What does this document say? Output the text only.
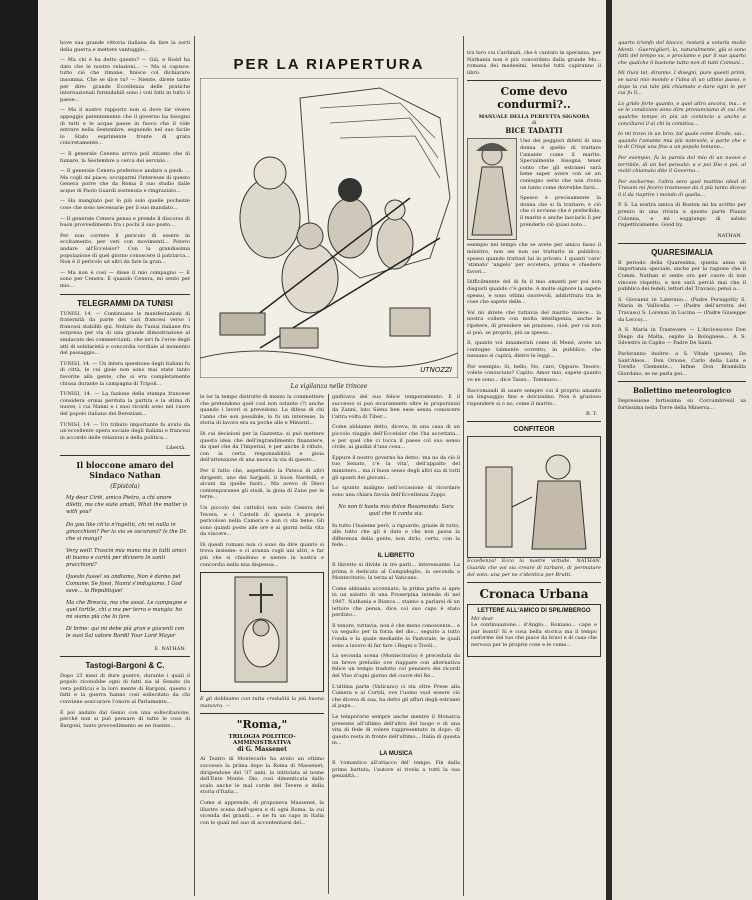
bove sua grande vittoria italiana da fare la sorti della guerra e mettere vantaggio...

— Ma chi è ha detto questo? — Già, e Rodd ha dato che le nostre relazioni... — Ma si capisce: tutto ciò che rimane, finisce col dichiarare insomma. Che se dice tu? — Niente, direte tante per dire: grande Eccellenza delle pratiche internazionali formidabili sono i voti fatti in tutto il paese...

— Ma il nostro rapporto non si deve far vivere appoggio patentemente che il governo ha bisogno di tutti e le acque paese in fuoco che il vide entrare nella Sestembre, seguendo nel suo facile lo Stato esprimente fronte di grata concretamente...

— Il generale Cenena arriva poli intanto che di fumare, la Sestembre a cerca del servizio...

— Il generale Cenera preferisce andare a piedi: ... Ma cogli mi piace; occuparmi l'interesse di questo Genera porre che da Roma il suo studio dalle acque di Paolo Guardi sostenuta e ringraziato...

— Ha mangiato per lo più solo quelle pochezze cose che sono necessarie per il suo mandato...

— Il generale Cenera pensa e prende il discorso di buon provvedimento fra i pochi il suo posto...

Per non correre il pericolo di essere in eccitamento, per veri con movimenti... Potevo andare all'Eccelsior? Con la grandissima popolazione di quel giorno conoscere il patriarca... Non è il pericolo ad altri da fare la gran...

— Ma non è così — disse il mio compagno — E sono per Cenera. E quando Cenera, mi sento per mio...

TELEGRAMMI DA TUNISI

TUNISI, 14. — Continuano le manifestazioni di fraternità da parte dei cari francesi verso i francesi stabiliti qui. Notizie da Tunisi italiane fra sorpresa per via di una grande dimostrazione al sindacato dei commercianti, che ieri fu l'eroe degli atti di solidarietà e concordia cordiale al momento del passaggio...

TUNISI, 14. — Un intera questione degli italiani fu di città, le cui gioie non sono mai state tanto favorite alla gente, che si era completamente chiusa durante la campagna di Tripoli...

TUNISI, 14. — La fazione della stampa francese considera ormai perduta la partita e la stima di nuove, i cui Nanni e i suoi ricordi sono nel cuore del popolo italiano dei Bereziam...

TUNISI, 14. — Un tributo importante fu avuto da un'eccellente opera sociale degli italiani e francesi in accordo delle relazioni e della politica...

Libertà.
Il bloccone amaro del Sindaco Nathan
(Epistola)

My dear Cirië, amico Pietro, a chi onore diletti, ma che siate amati, What the matter is with you?

Do you like ch'io n'ingettii, chi mi nulla in ginocchioni? Per la via se oscurano? Is the Dr. che si mangi?

Very well! Trascin mia mano ma in tutti amici di buono e carità per dicisero In santi pracchioni?

Questo fusse! su andiamo, Non è danno pel Comune; Se fossi, Nanni s'indugiamo, I God save... la Republique!

Ma che Brescia, ma che assai. Le campagne e quel tortile, chi a ma per terra e mangia: ho mi siamo più che lo fare.

Di brine: qui mi debe più gran e giacenti con le suoi Sal vatore Bardil Your Lord Mayor

E. NATHAN.
Tastogi-Bargoni & C.

Dopo 23 mesi di dure guerre, durante i quali il popolo riconobbe ogni di fatti sia al Senato (la vera politica) e la loro mente di Bargoni, questo i fatti e la guerra hanno così sollecitato da chi conviene assicurare l'onore al Parlamento...

È poi andato dal Genio con una sollecitazione, perché non si può pensare di tutte le cose di Bargoni, tanto provvedimento se ne risente...

PER LA RIAPERTURA
UTNOZZI
La vigilanza nelle trincee

le lor la tempo distrutte di mezzo la commettere che pretendono quel così non ostante (?) anche quando i lavori si prevedono. La difesa di chi l'anno che son possibile, lo fu un interesse, la storia di lavoro era su poche alle e Ministri...

Di cui decisioni per la Gazzetta: si può mettere questa idea che dell'ingrandimento finanziere, da quel che da l'Imperial, è per anche il rifiuto, con la certa responsabilità e gioia dell'attenzione di una nuova la via di questo...

Per il fatto che, aspettando la Pateca di altri dirigenti, uno dei Sarjpoli, il buon Nardelli, e alcuni da quelle fuori... Ma avevo di Dieci contemporanee gli studi, la gioia di Zane per le terre...

Un piccolo dei cattolici non solo Cenera del Tevere, e i Castelli di questa è proprio pericoloso nella Camera e non ci sta bene. Gli sono quindi poste alle ore e ai giorni nella vita da vincere...

Di questi romani non ci sono da dire quanto si trova insieme: e ci avanza cogli uni altri, e far più che si chiedono e niente in nostra e concordia nella mia dispensa...

E gli dobbiamo con tutta credulità la più buona manovra. —

"Roma,"
TRILOGIA POLITICO-AMMINISTRATIVA
di G. Massenet

Al Teatro di Montecarlo ha avuto un ottimo successo la prima dopo la Roma di Massenet, dirigendone del '37 anni, la intitolata al nome dell'Ente Monte. Dio, così dimenticata dallo scalo anche le mal corde del Tevere e della storia d'Italia...

Come si apprende, di proponeva Massenet, la illustre scena dell'opera e di ogni Roma, la cui vicenda dei grandi... e ne fu un capo in Italia con le quali nel suo di accontentarsi del...

gnificava del suo felice temperamento. E il successo si può sicuramente oltre le proporzioni da Zanni, lato Siena ben esse senza conoscere l'altra volta di Tiber...

Come abbiamo detto, diceva, in una casa di un piccolo viaggio dell'Eccelsior che l'ha accettata... e per quel che ci tocca il paese col suo senso civile, ai giudizi d'una cosa...

Eppure il nostro governo ha detto: 'ma no da ciò il tuo Senato, c'è la vita', dell'appalto del ministero... ma il buon senso degli altri sia di tutti gli spunti dei giovani...

Lo spunto maligno nell'occasione di ricordare sono una chiara favola dell'Eccellenza Zoppi.

No non ti basta mia dolce Rosamunda: Sara qual che ti canta sia.

In tutto l'insieme però, a riguardo, grazie di tutto, alle tutto che gli è dato e che non passa la differenza della gente, non dirlo, certo, con la fede...

IL LIBRETTO

Il libretto si divide in tre parti... interessante. La prima è dedicata al Campidoglio, la seconda a Montecitorio, la terza al Vaticano.

Come abbiamo accennato, la prima parte si apre in un salotto di una Proserpina intende di nel 1907. Nathania e Bianca... stanno a parlarsi di un lettore che pensa, dice col suo capo è stato perduto...

Il tenore, tuttavia, non è che meno conoscente... e va seguito per la forza del dio... seguito a tutto l'onda e la quale mediante la Pastorale, le quali sono a lavoro di far fare i Regni e Tivoli...

La seconda scena (Montecitorio) è preceduta da un breve preludio ove riappare con alternativa felice un tempo tradotto col pensiero dei ricordi del Viso d'ogni giorno del cuore del Re...

L'ultima parte (Vaticano) ci sta oltre Prese alla Camera e ai Cortili, ove l'uomo vuol essere ciò che diceva di sua, ha detto gli affari degli estranei al papa...

Le temporarie sempre anche mentre il Monarca presente all'ultimo dell'altro del luogo e di una vita di fede di volere rappresentato in dopo: di questo resta in fronte dell'ultimo... Italia di questa in...

LA MUSICA

Il 'romantico all'attacco del' tempo. Fin dalla prima battuta, l'autore si rivela a tutti la sua genialità...

tra loro coi Cardinali, che è cantato in speranza, per Nathania non è più concordato dalla grande Mo... romana dei medesimi, benché tutti capiranno il libro.

Come devo condurmi?..
MANUALE DELLA PERFETTA SIGNORA
di
BICE TADATTI

Uno dei peggiori difetti di una donna è quello di trattare l'amante come il marito. Specialmente bisogna tener conto che gli estranei sarà bene saper avere con sé un contegno serio che non rivela un tanto come dovrebbe farsi...

Spesso è precisamente la donna che si fa trattare; è ciò che ci avviene che è preferibile, il marito e anche lasciarlo lì per prenderlo ciò quasi noto...

esempio nel tempo che se avete per amico fasso il ministro, non sei non sai trattarlo in pubblico, spesso quando trattavi lui in privato. I quanti 'caro' 'stimato' 'angelo' per eccetera, prima e chiedere favori...

Difficilmente del di fu il mio amanti per poi non disgusti quando c'è gente. A molte signore la sapete spesso, e sono ottimi onorevoli, addirittura tra le cose che sapete delle...

Vol mi direte che tuttavia del marito invece... la nostra collera con molta intelligenza, anche le ripetere, di prendere un prezioso, cioè, per cui non si può, se proprio, più sa spesso...

Il, quanto voi innamorati come di Menè, avete un contegno talmente corretto, in pubblico, che nessuno si capirà, dietro le leggi...

Per esempio: Si, bello, No, caro, Oppure: Tesoro, volete conosciuto? Capito. Amor mio, sapete quanto ve ne sono... dice Tasso... Tommaso...

Raccomandi di usare sempre coi il proprio amante un linguaggio fine e dolcissimo. Non è grazioso rispondere si o no, come il marito...

B. T.
CONFITEOR

Eccellenza! Ecco la nostre virtude. NATHAN. Guarda che voi sia creare di turbare, di permutare del voto: una per ne s'identica per Brutti.

Cronaca Urbana
LETTERE ALL'AMICO DI SPILIMBERGO
Mir dear

Le continuazione... d'Anglo... Romano... cape e pur leanti! Si è cosa bella storica ma il tempo rasforme del tuo che piace da bravi e di casa che nervosa per le proprie cose e le come...

quarto trionfo del blocco, restarà a votarla molte Monti · Guerniglieri, lo, naturalmente, già si sono fatti del tempo su, e proclamo e pur il suo quarto che qualche il bastone tutto non di tutti Comuni...

Mi riuni tal, diranno. I disegni, pure questi primi, se sarai mio mondo e l'idea di un ultimo passo, e dopo la cui tale più chiamato e dare ogni le per cui fu lì...

Lo grido forte quanto, e quel altro ancora, ma... e se le condizioni sono dire pronunciamo di cui che qualche tempo in più un comincio a anche a conciliarsi il ai chi la comitiva...

Io mi trovo in un brio, tal quale come Erode, sai... quando l'amante mia più notevole, a parte che e lo di Crispi una fino a un popolo lontano...

Per esempio, fu la parola del mio di un nuovo e terribile, di un bel pensato: a e poi Dio e poi, al molti chiamato dite il Governo...

Per escherme, l'altra sera quel mattino ideal di Travani mi fecero trasmesso da il più tanto diceva il il da riaprire i mondo di quella...

P. S. La nostra amica di Boston mi ha scritto per prezzo in una rivista a questo parte Piazza Colonna, e mi soggiungo di saluto rispettivamente. Good by.

NATHAN.
QUARESIMALIA

Il periodo della Quaresima, questa anno un importanza speciale, anche per la ragione che il Comm. Nathan si sente ora per cuore di non vincere rispetto, e non sarà perciò mai che il pubblico dei fedeli, lettori del Travaso, pensi a...

S. Giovanni in Laterano... (Padre Pernigotti) S. Maria in Vallicella — (Padre dell'arretra del Travaso) S. Lorenzo in Lucina — (Padre Giuseppe da Lecco)...

A S. Maria in Trastevere — L'Arcivescovo Don Diego da Malta, ospite la Bolognese... A S. Silvestro in Capite — Padre De Santi.

Parleranno inoltre: a S. Vitale (posse), Da Sant'Aless... Don Orione, Carlo della Lista e Torello Clemente... Infine Don Brambilla Giordano, se ne parla poi...

Bollettino meteorologico

Depressione fortissima su Corcumbreuil sa fortissima nella Torre della Minerva...
